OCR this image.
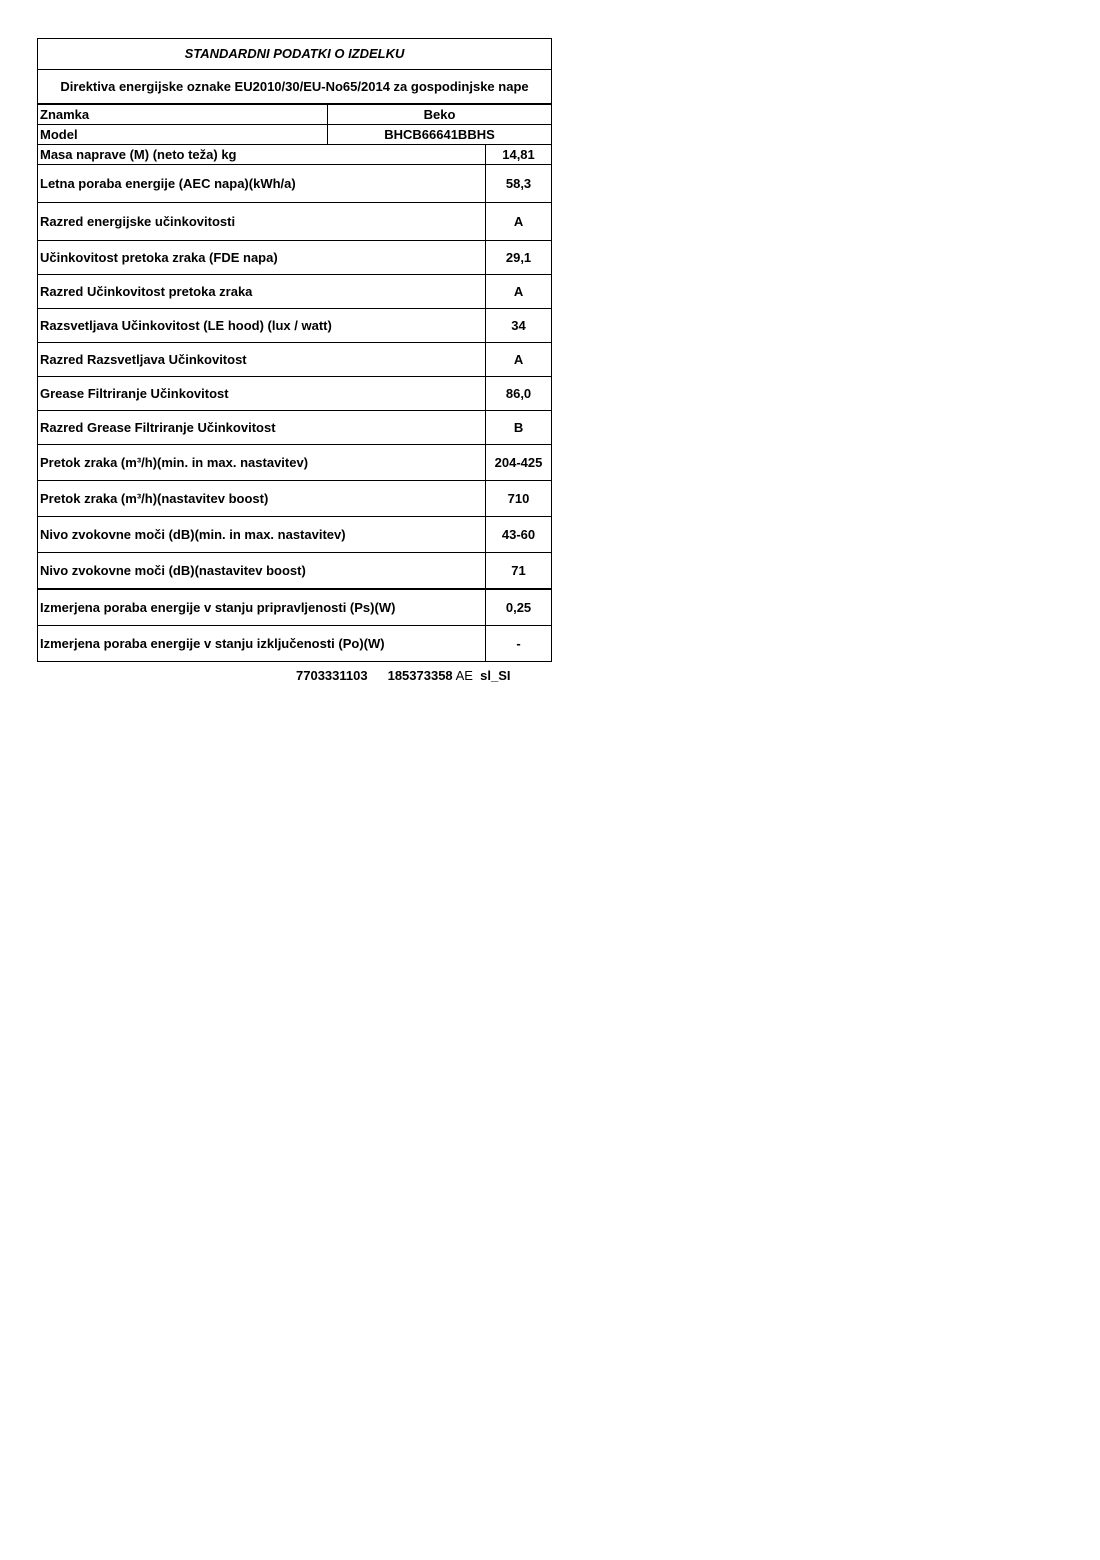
STANDARDNI PODATKI O IZDELKU		
Direktiva energijske oznake EU2010/30/EU-No65/2014 za gospodinjske nape		
Znamka	Beko	
Model	BHCB66641BBHS	
Masa naprave (M) (neto teža) kg		14,81
Letna poraba energije (AEC napa)(kWh/a)		58,3
Razred energijske učinkovitosti		A
Učinkovitost pretoka zraka (FDE napa)		29,1
Razred Učinkovitost pretoka zraka		A
Razsvetljava Učinkovitost (LE hood) (lux / watt)		34
Razred Razsvetljava Učinkovitost		A
Grease Filtriranje Učinkovitost		86,0
Razred Grease Filtriranje Učinkovitost		B
Pretok zraka (m³/h)(min. in max. nastavitev)		204-425
Pretok zraka (m³/h)(nastavitev boost)		710
Nivo zvokovne moči (dB)(min. in max. nastavitev)		43-60
Nivo zvokovne moči (dB)(nastavitev boost)		71
Izmerjena poraba energije v stanju pripravljenosti (Ps)(W)		0,25
Izmerjena poraba energije v stanju izključenosti (Po)(W)		-
7703331103 185373358 AE sl_SI
